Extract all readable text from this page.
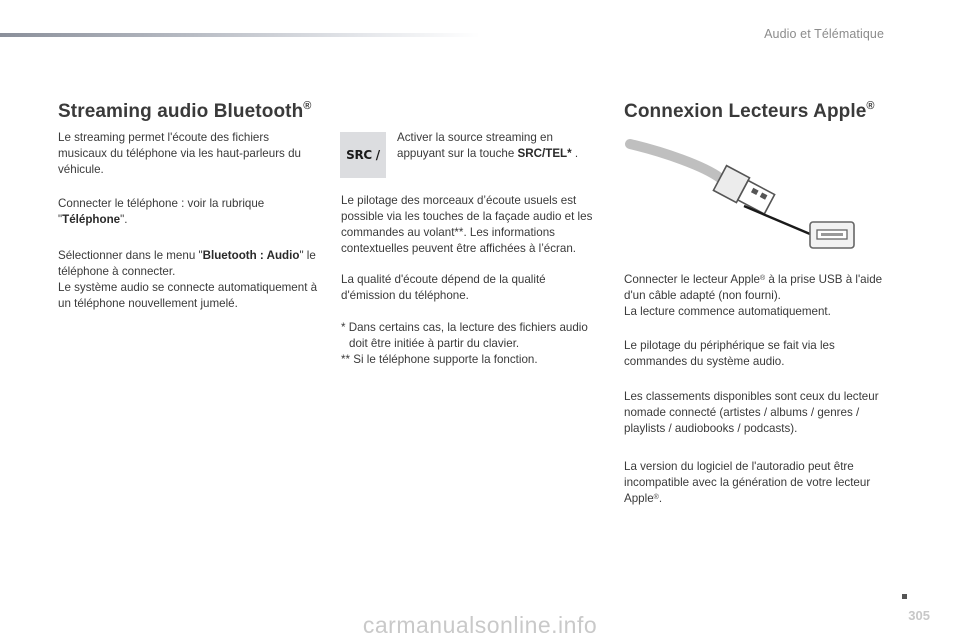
Audio et Télématique
Streaming audio Bluetooth®

Le streaming permet l'écoute des fichiers musicaux du téléphone via les haut-parleurs du véhicule.

Connecter le téléphone : voir la rubrique "Téléphone".

Sélectionner dans le menu "Bluetooth : Audio" le téléphone à connecter.
Le système audio se connecte automatiquement à un téléphone nouvellement jumelé.

SRC /

Activer la source streaming en appuyant sur la touche SRC/TEL* .

Le pilotage des morceaux d’écoute usuels est possible via les touches de la façade audio et les commandes au volant**. Les informations contextuelles peuvent être affichées à l’écran.

La qualité d'écoute dépend de la qualité d'émission du téléphone.

* Dans certains cas, la lecture des fichiers audio doit être initiée à partir du clavier.

** Si le téléphone supporte la fonction.

Connexion Lecteurs Apple®

Connecter le lecteur Apple® à la prise USB à l'aide d'un câble adapté (non fourni).
La lecture commence automatiquement.

Le pilotage du périphérique se fait via les commandes du système audio.

Les classements disponibles sont ceux du lecteur nomade connecté (artistes / albums / genres / playlists / audiobooks / podcasts).

La version du logiciel de l'autoradio peut être incompatible avec la génération de votre lecteur Apple®.

305
carmanualsonline.info
